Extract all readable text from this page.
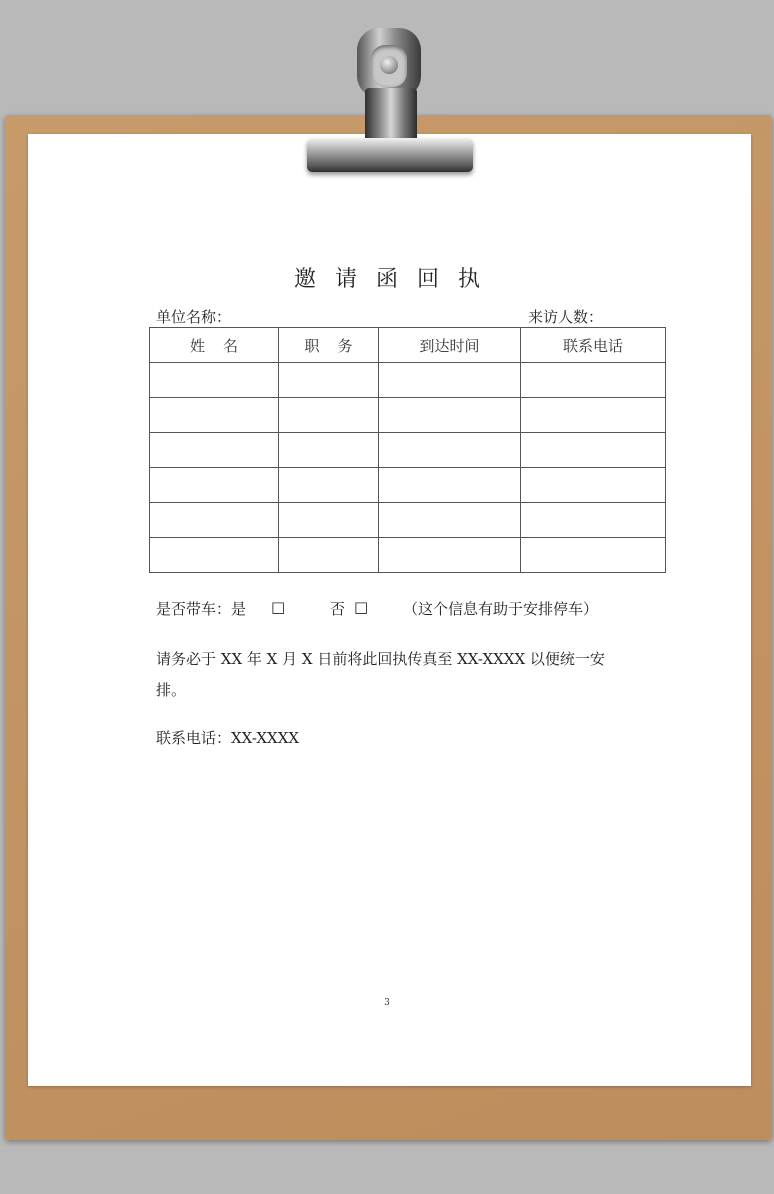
邀请函回执
单位名称：	来访人数：
姓名	职务	到达时间	联系电话

是否带车：是 □	否 □ （这个信息有助于安排停车）
请务必于 XX 年 X 月 X 日前将此回执传真至 XX-XXXX 以便统一安
排。
联系电话：XX-XXXX
3
